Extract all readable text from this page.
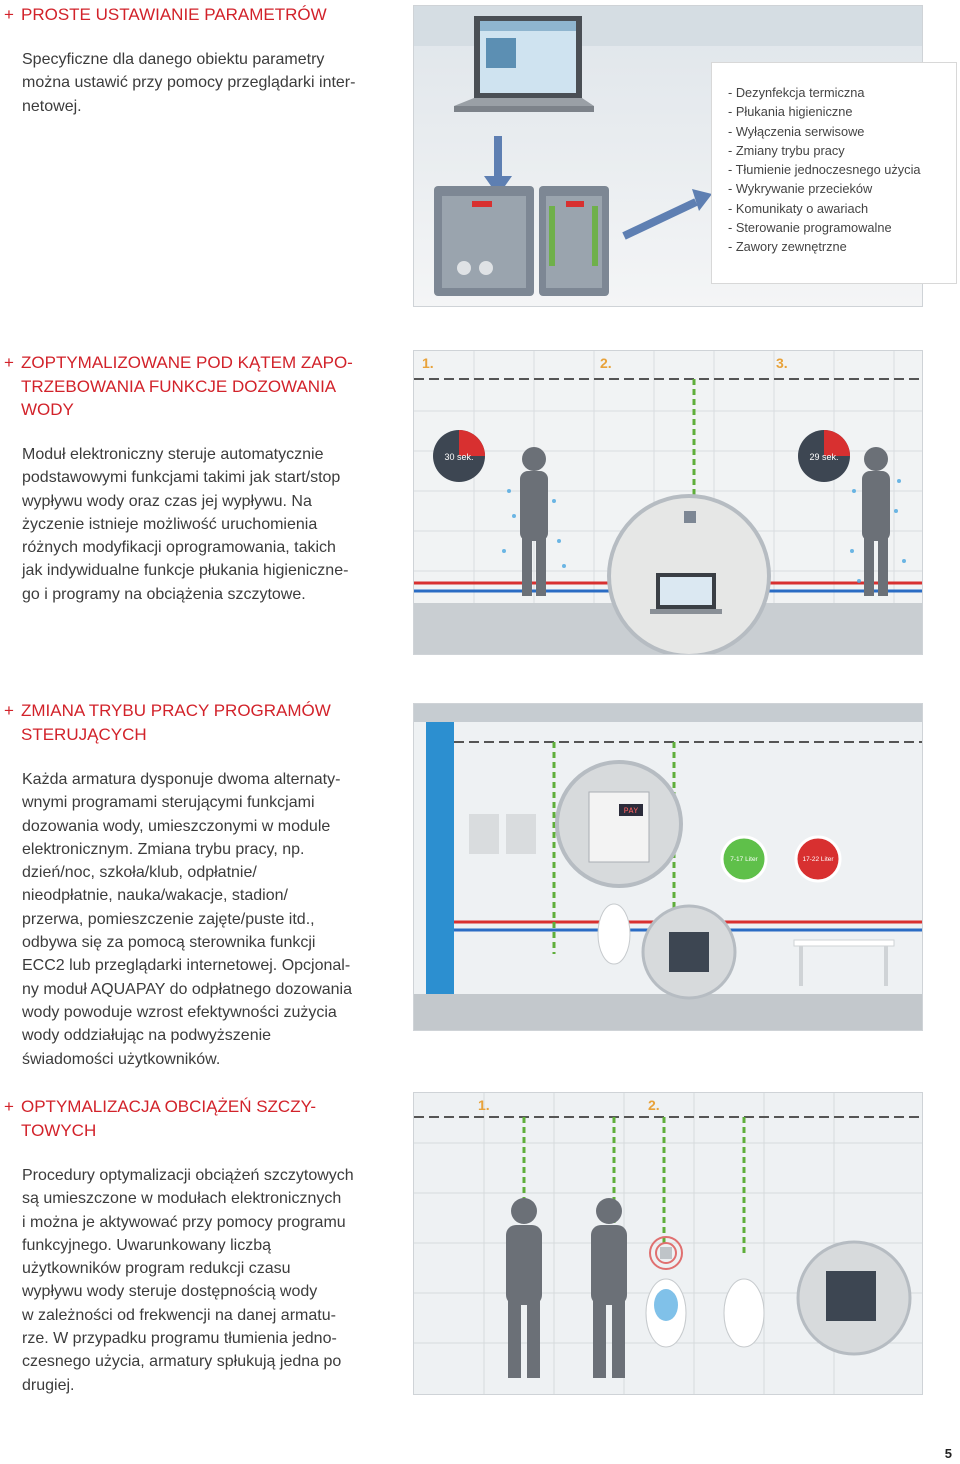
+ PROSTE USTAWIANIE PARAMETRÓW
Specyficzne dla danego obiektu parametry
można ustawić przy pomocy przeglądarki inter-
netowej.
- Dezynfekcja termiczna
- Płukania higieniczne
- Wyłączenia serwisowe
- Zmiany trybu pracy
- Tłumienie jednoczesnego użycia
- Wykrywanie przecieków
- Komunikaty o awariach
- Sterowanie programowalne
- Zawory zewnętrzne
+ ZOPTYMALIZOWANE POD KĄTEM ZAPO-
TRZEBOWANIA FUNKCJE DOZOWANIA
WODY
Moduł elektroniczny steruje automatycznie
podstawowymi funkcjami takimi jak start/stop
wypływu wody oraz czas jej wypływu. Na
życzenie istnieje możliwość uruchomienia
różnych modyfikacji oprogramowania, takich
jak indywidualne funkcje płukania higieniczne-
go i programy na obciążenia szczytowe.
30 sek.	29 sek.
1.	2.	3.
+ ZMIANA TRYBU PRACY PROGRAMÓW
STERUJĄCYCH
Każda armatura dysponuje dwoma alternaty-
wnymi programami sterującymi funkcjami
dozowania wody, umieszczonymi w module
elektronicznym. Zmiana trybu pracy, np.
dzień/noc, szkoła/klub, odpłatnie/
nieodpłatnie, nauka/wakacje, stadion/
przerwa, pomieszczenie zajęte/puste itd.,
odbywa się za pomocą sterownika funkcji
ECC2 lub przeglądarki internetowej. Opcjonal-
ny moduł AQUAPAY do odpłatnego dozowania
wody powoduje wzrost efektywności zużycia
wody oddziałując na podwyższenie
świadomości użytkowników.
PAY
7-17 Liter	17-22 Liter
+ OPTYMALIZACJA OBCIĄŻEŃ SZCZY-
TOWYCH
Procedury optymalizacji obciążeń szczytowych
są umieszczone w modułach elektronicznych
i można je aktywować przy pomocy programu
funkcyjnego. Uwarunkowany liczbą
użytkowników program redukcji czasu
wypływu wody steruje dostępnością wody
w zależności od frekwencji na danej armatu-
rze. W przypadku programu tłumienia jedno-
czesnego użycia, armatury spłukują jedna po
drugiej.
1.	2.
5
